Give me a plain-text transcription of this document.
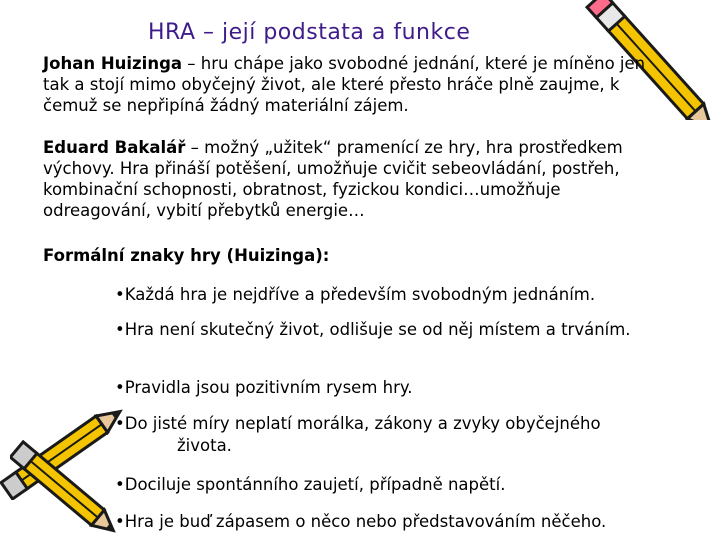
HRA – její podstata a funkce
Johan Huizinga – hru chápe jako svobodné jednání, které je míněno jen tak a stojí mimo obyčejný život, ale které přesto hráče plně zaujme, k čemuž se nepřipíná žádný materiální zájem.
Eduard Bakalář – možný „užitek“ pramenící ze hry, hra prostředkem výchovy. Hra přináší potěšení, umožňuje cvičit sebeovládání, postřeh, kombinační schopnosti, obratnost, fyzickou kondici…umožňuje odreagování, vybití přebytků energie…
Formální znaky hry (Huizinga):
•Každá hra je nejdříve a především svobodným jednáním.
•Hra není skutečný život, odlišuje se od něj místem a trváním.
•Pravidla jsou pozitivním rysem hry.
•Do jisté míry neplatí morálka, zákony a zvyky obyčejného
života.
•Dociluje spontánního zaujetí, případně napětí.
•Hra je buď zápasem o něco nebo představováním něčeho.
